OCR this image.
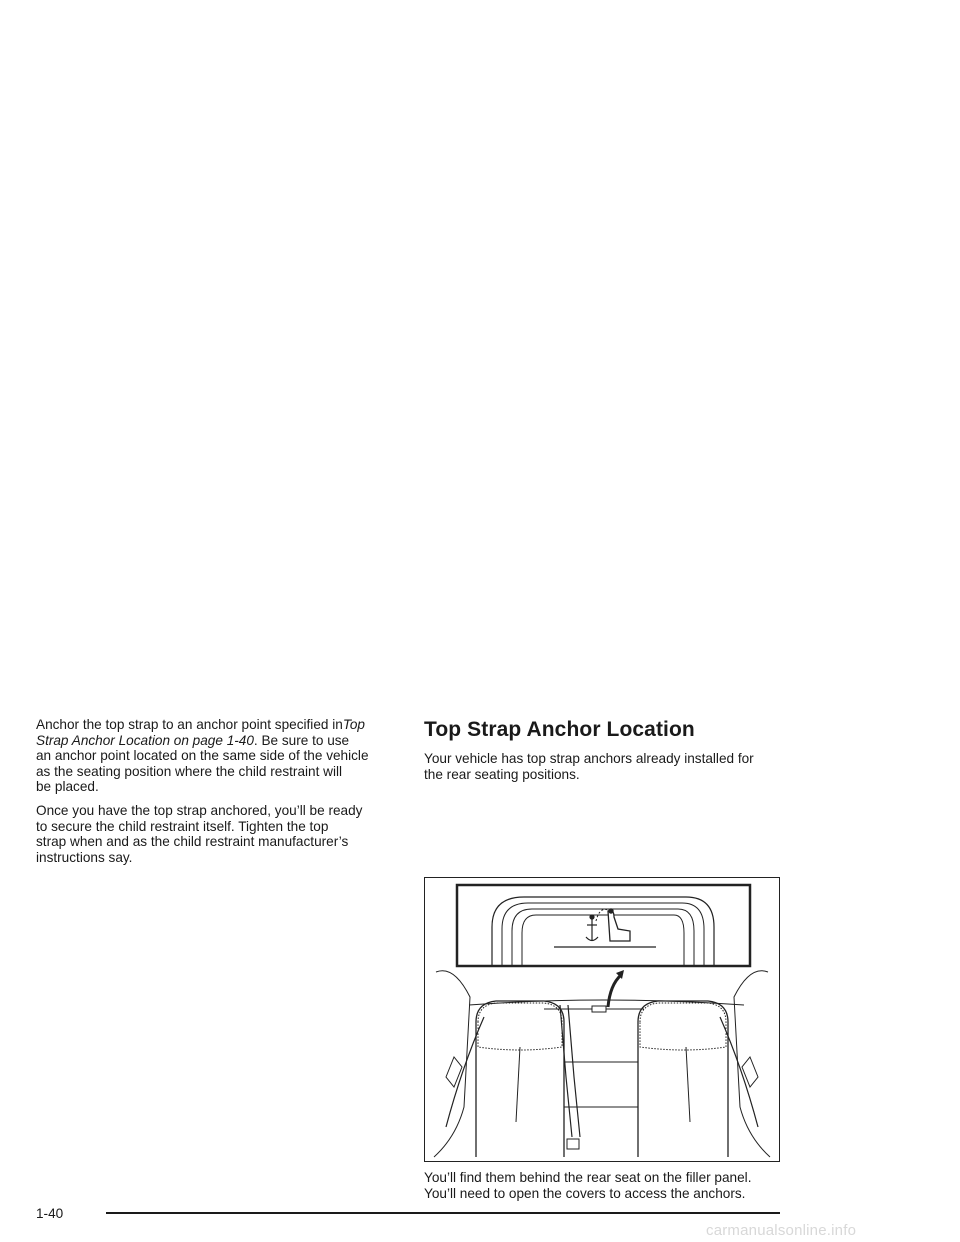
Anchor the top strap to an anchor point specified inTop
Strap Anchor Location on page 1-40. Be sure to use
an anchor point located on the same side of the vehicle
as the seating position where the child restraint will
be placed.

Once you have the top strap anchored, you’ll be ready
to secure the child restraint itself. Tighten the top
strap when and as the child restraint manufacturer’s
instructions say.

Top Strap Anchor Location

Your vehicle has top strap anchors already installed for
the rear seating positions.

You’ll find them behind the rear seat on the filler panel.
You’ll need to open the covers to access the anchors.

1-40
carmanualsonline.info
